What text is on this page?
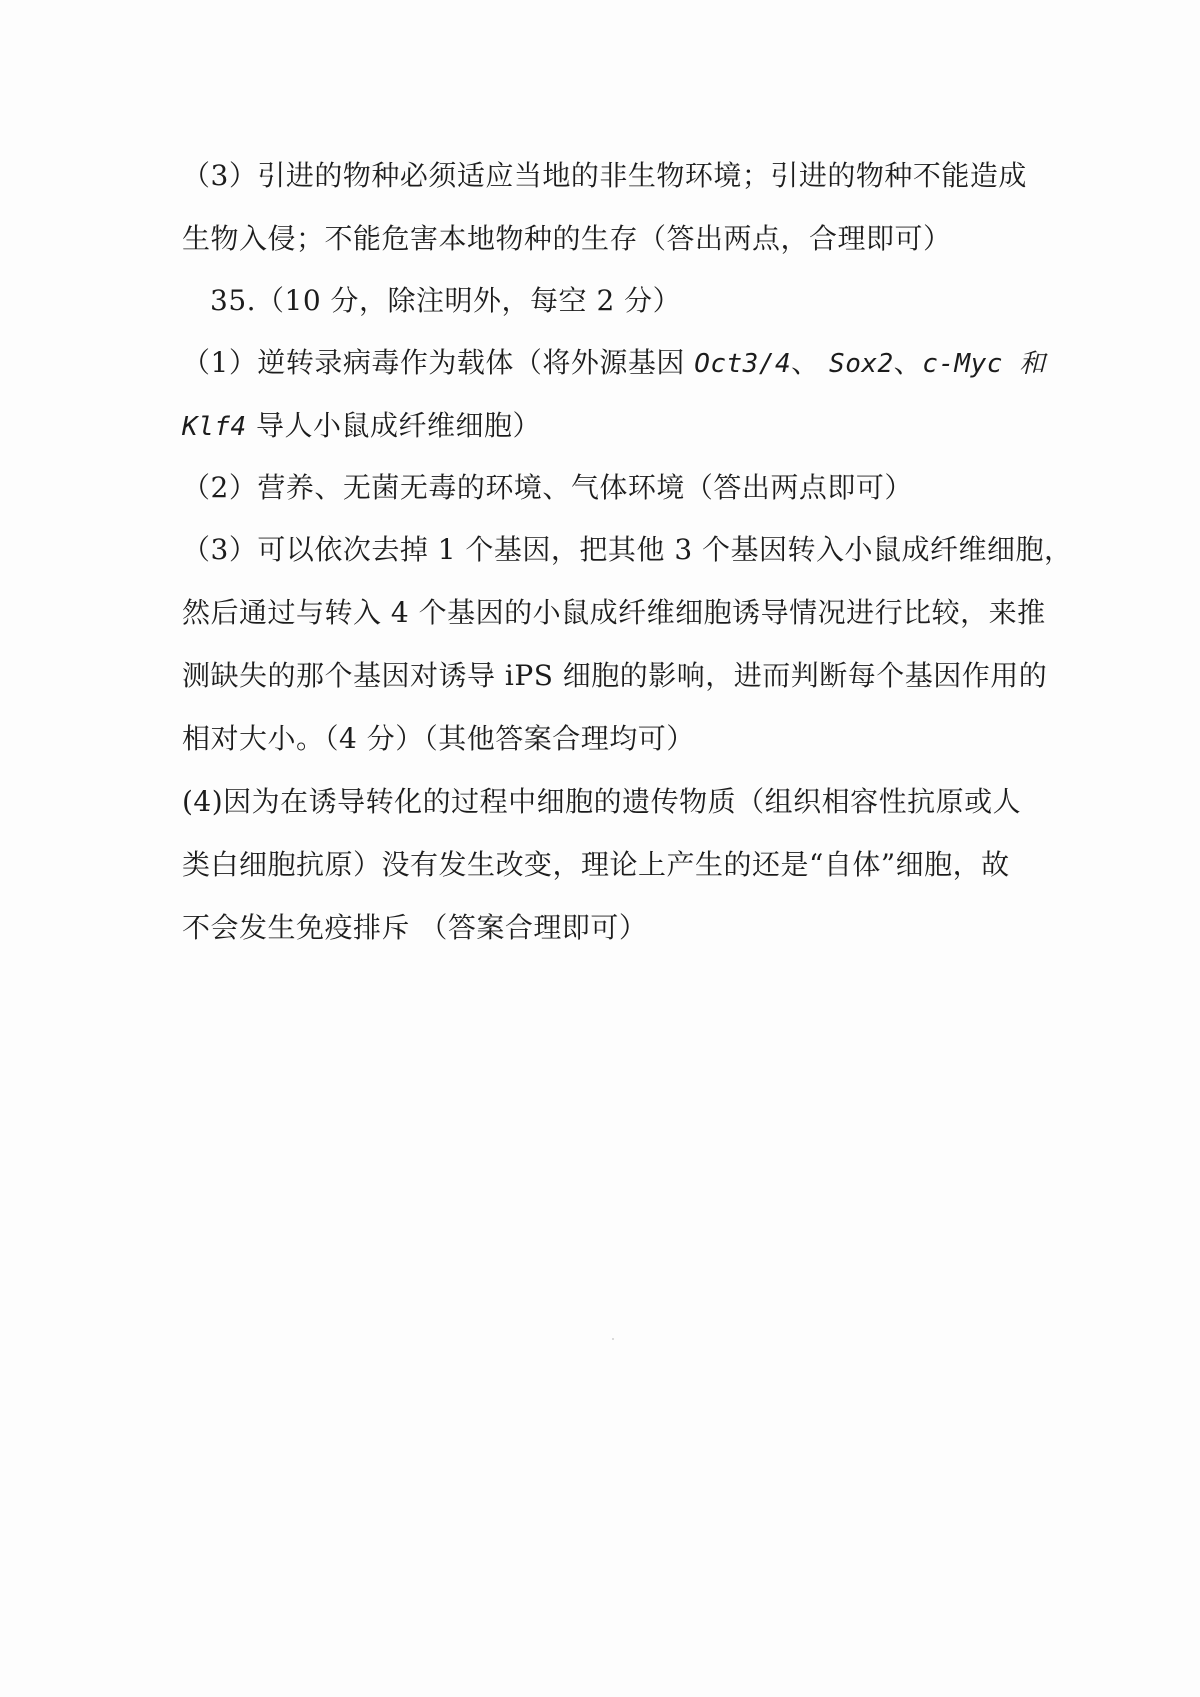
（3）引进的物种必须适应当地的非生物环境；引进的物种不能造成

生物入侵；不能危害本地物种的生存（答出两点，合理即可）

35.（10 分，除注明外，每空 2 分）

（1）逆转录病毒作为载体（将外源基因 Oct3/4、 Sox2、c-Myc 和

Klf4 导人小鼠成纤维细胞）

（2）营养、无菌无毒的环境、气体环境（答出两点即可）

（3）可以依次去掉 1 个基因，把其他 3 个基因转入小鼠成纤维细胞，

然后通过与转入 4 个基因的小鼠成纤维细胞诱导情况进行比较，来推

测缺失的那个基因对诱导 iPS 细胞的影响，进而判断每个基因作用的

相对大小。（4 分）（其他答案合理均可）

(4)因为在诱导转化的过程中细胞的遗传物质（组织相容性抗原或人

类白细胞抗原）没有发生改变，理论上产生的还是“自体”细胞，故

不会发生免疫排斥 （答案合理即可）
